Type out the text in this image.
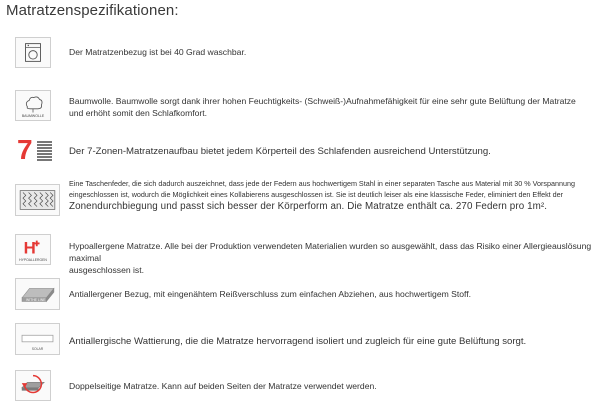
Matratzenspezifikationen:
Der Matratzenbezug ist bei 40 Grad waschbar.
BAUMWOLLE
Baumwolle. Baumwolle sorgt dank ihrer hohen Feuchtigkeits- (Schweiß-)Aufnahmefähigkeit für eine sehr gute Belüftung der Matratze
und erhöht somit den Schlafkomfort.
7	Der 7-Zonen-Matratzenaufbau bietet jedem Körperteil des Schlafenden ausreichend Unterstützung.
Eine Taschenfeder, die sich dadurch auszeichnet, dass jede der Federn aus hochwertigem Stahl in einer separaten Tasche aus Material mit 30 % Vorspannung
eingeschlossen ist, wodurch die Möglichkeit eines Kollabierens ausgeschlossen ist. Sie ist deutlich leiser als eine klassische Feder, eliminiert den Effekt der
Zonendurchbiegung und passt sich besser der Körperform an. Die Matratze enthält ca. 270 Federn pro 1m².
H
HYPOALLERGEN
Hypoallergene Matratze. Alle bei der Produktion verwendeten Materialien wurden so ausgewählt, dass das Risiko einer Allergieauslösung maximal
ausgeschlossen ist.
WITHE LINE
Antiallergener Bezug, mit eingenähtem Reißverschluss zum einfachen Abziehen, aus hochwertigem Stoff.
SOLAR
Antiallergische Wattierung, die die Matratze hervorragend isoliert und zugleich für eine gute Belüftung sorgt.
Doppelseitige Matratze. Kann auf beiden Seiten der Matratze verwendet werden.
